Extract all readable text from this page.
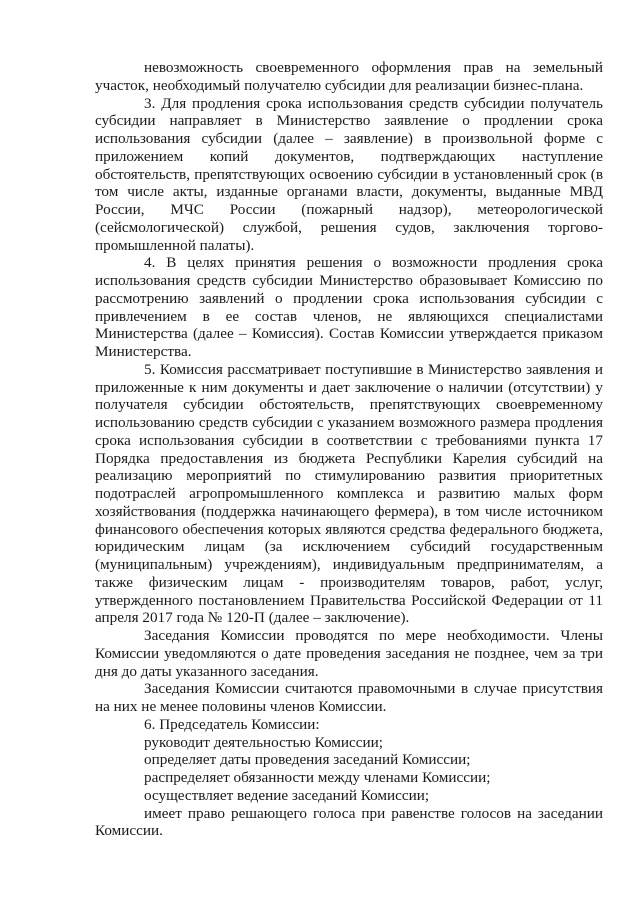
невозможность своевременного оформления прав на земельный участок, необходимый получателю субсидии для реализации бизнес-плана.

3. Для продления срока использования средств субсидии получатель субсидии направляет в Министерство заявление о продлении срока использования субсидии (далее – заявление) в произвольной форме с приложением копий документов, подтверждающих наступление обстоятельств, препятствующих освоению субсидии в установленный срок (в том числе акты, изданные органами власти, документы, выданные МВД России, МЧС России (пожарный надзор), метеорологической (сейсмологической) службой, решения судов, заключения торгово-промышленной палаты).

4. В целях принятия решения о возможности продления срока использования средств субсидии Министерство образовывает Комиссию по рассмотрению заявлений о продлении срока использования субсидии с привлечением в ее состав членов, не являющихся специалистами Министерства (далее – Комиссия). Состав Комиссии утверждается приказом Министерства.

5. Комиссия рассматривает поступившие в Министерство заявления и приложенные к ним документы и дает заключение о наличии (отсутствии) у получателя субсидии обстоятельств, препятствующих своевременному использованию средств субсидии с указанием возможного размера продления срока использования субсидии в соответствии с требованиями пункта 17 Порядка предоставления из бюджета Республики Карелия субсидий на реализацию мероприятий по стимулированию развития приоритетных подотраслей агропромышленного комплекса и развитию малых форм хозяйствования (поддержка начинающего фермера), в том числе источником финансового обеспечения которых являются средства федерального бюджета, юридическим лицам (за исключением субсидий государственным (муниципальным) учреждениям), индивидуальным предпринимателям, а также физическим лицам - производителям товаров, работ, услуг, утвержденного постановлением Правительства Российской Федерации от 11 апреля 2017 года № 120-П (далее – заключение).

Заседания Комиссии проводятся по мере необходимости. Члены Комиссии уведомляются о дате проведения заседания не позднее, чем за три дня до даты указанного заседания.

Заседания Комиссии считаются правомочными в случае присутствия на них не менее половины членов Комиссии.

6. Председатель Комиссии:

руководит деятельностью Комиссии;

определяет даты проведения заседаний Комиссии;

распределяет обязанности между членами Комиссии;

осуществляет ведение заседаний Комиссии;

имеет право решающего голоса при равенстве голосов на заседании Комиссии.
